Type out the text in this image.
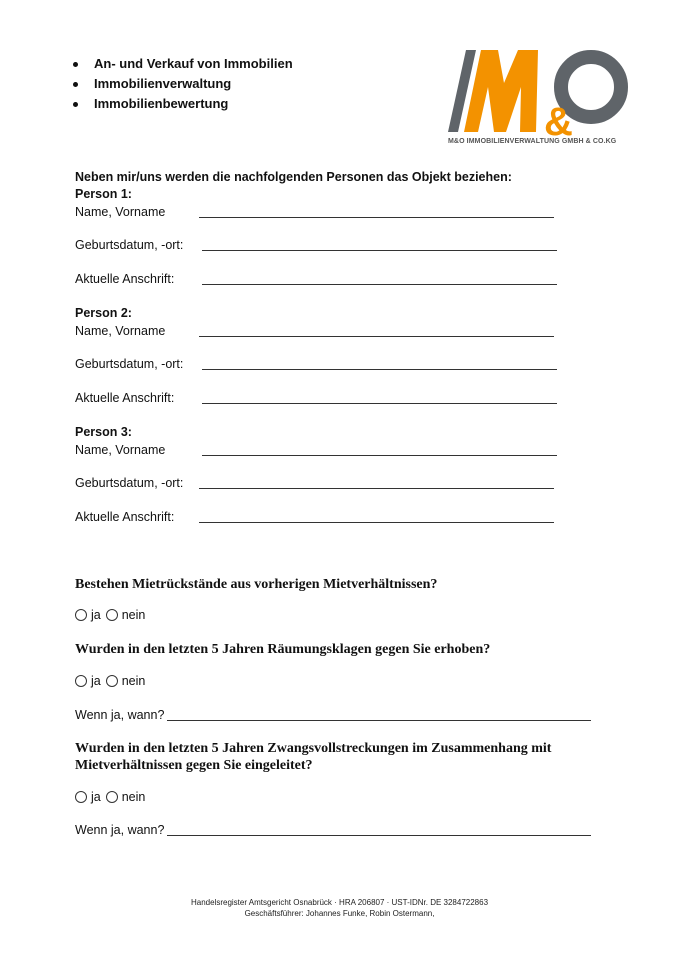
An- und Verkauf von Immobilien
Immobilienverwaltung
Immobilienbewertung	&
M&O IMMOBILIENVERWALTUNG GMBH & CO.KG
Neben mir/uns werden die nachfolgenden Personen das Objekt beziehen:
Person 1:
Name, Vorname
Geburtsdatum, -ort:
Aktuelle Anschrift:
Person 2:
Name, Vorname
Geburtsdatum, -ort:
Aktuelle Anschrift:
Person 3:
Name, Vorname
Geburtsdatum, -ort:
Aktuelle Anschrift:
Bestehen Mietrückstände aus vorherigen Mietverhältnissen?
ja nein
Wurden in den letzten 5 Jahren Räumungsklagen gegen Sie erhoben?
ja nein
Wenn ja, wann?
Wurden in den letzten 5 Jahren Zwangsvollstreckungen im Zusammenhang mit Mietverhältnissen gegen Sie eingeleitet?
ja nein
Wenn ja, wann?
Handelsregister Amtsgericht Osnabrück · HRA 206807 · UST-IDNr. DE 3284722863
Geschäftsführer: Johannes Funke, Robin Ostermann,
